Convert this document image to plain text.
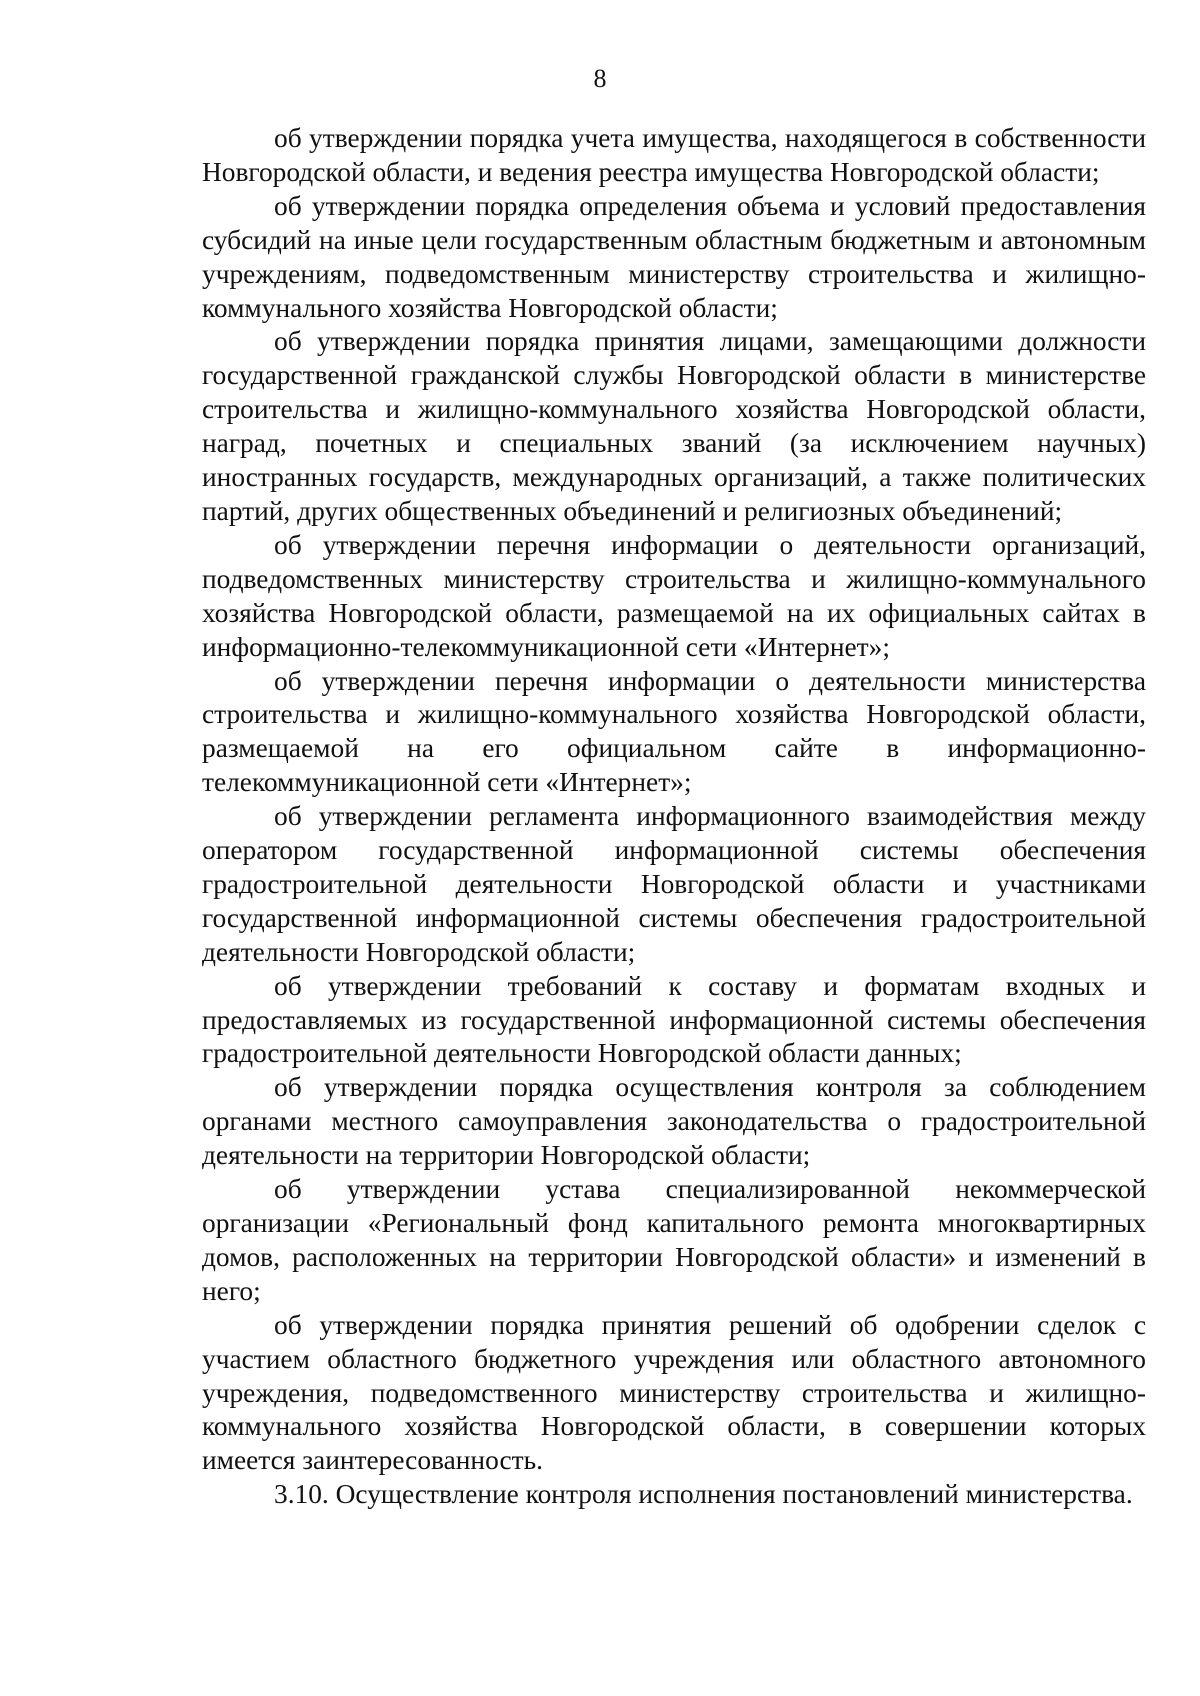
8

об утверждении порядка учета имущества, находящегося в собственности Новгородской области, и ведения реестра имущества Новгородской области;

об утверждении порядка определения объема и условий предоставления субсидий на иные цели государственным областным бюджетным и автономным учреждениям, подведомственным министерству строительства и жилищно-коммунального хозяйства Новгородской области;

об утверждении порядка принятия лицами, замещающими должности государственной гражданской службы Новгородской области в министерстве строительства и жилищно-коммунального хозяйства Новгородской области, наград, почетных и специальных званий (за исключением научных) иностранных государств, международных организаций, а также политических партий, других общественных объединений и религиозных объединений;

об утверждении перечня информации о деятельности организаций, подведомственных министерству строительства и жилищно-коммунального хозяйства Новгородской области, размещаемой на их официальных сайтах в информационно-телекоммуникационной сети «Интернет»;

об утверждении перечня информации о деятельности министерства строительства и жилищно-коммунального хозяйства Новгородской области, размещаемой на его официальном сайте в информационно-телекоммуникационной сети «Интернет»;

об утверждении регламента информационного взаимодействия между оператором государственной информационной системы обеспечения градостроительной деятельности Новгородской области и участниками государственной информационной системы обеспечения градостроительной деятельности Новгородской области;

об утверждении требований к составу и форматам входных и предоставляемых из государственной информационной системы обеспечения градостроительной деятельности Новгородской области данных;

об утверждении порядка осуществления контроля за соблюдением органами местного самоуправления законодательства о градостроительной деятельности на территории Новгородской области;

об утверждении устава специализированной некоммерческой организации «Региональный фонд капитального ремонта многоквартирных домов, расположенных на территории Новгородской области» и изменений в него;

об утверждении порядка принятия решений об одобрении сделок с участием областного бюджетного учреждения или областного автономного учреждения, подведомственного министерству строительства и жилищно-коммунального хозяйства Новгородской области, в совершении которых имеется заинтересованность.

3.10. Осуществление контроля исполнения постановлений министерства.
